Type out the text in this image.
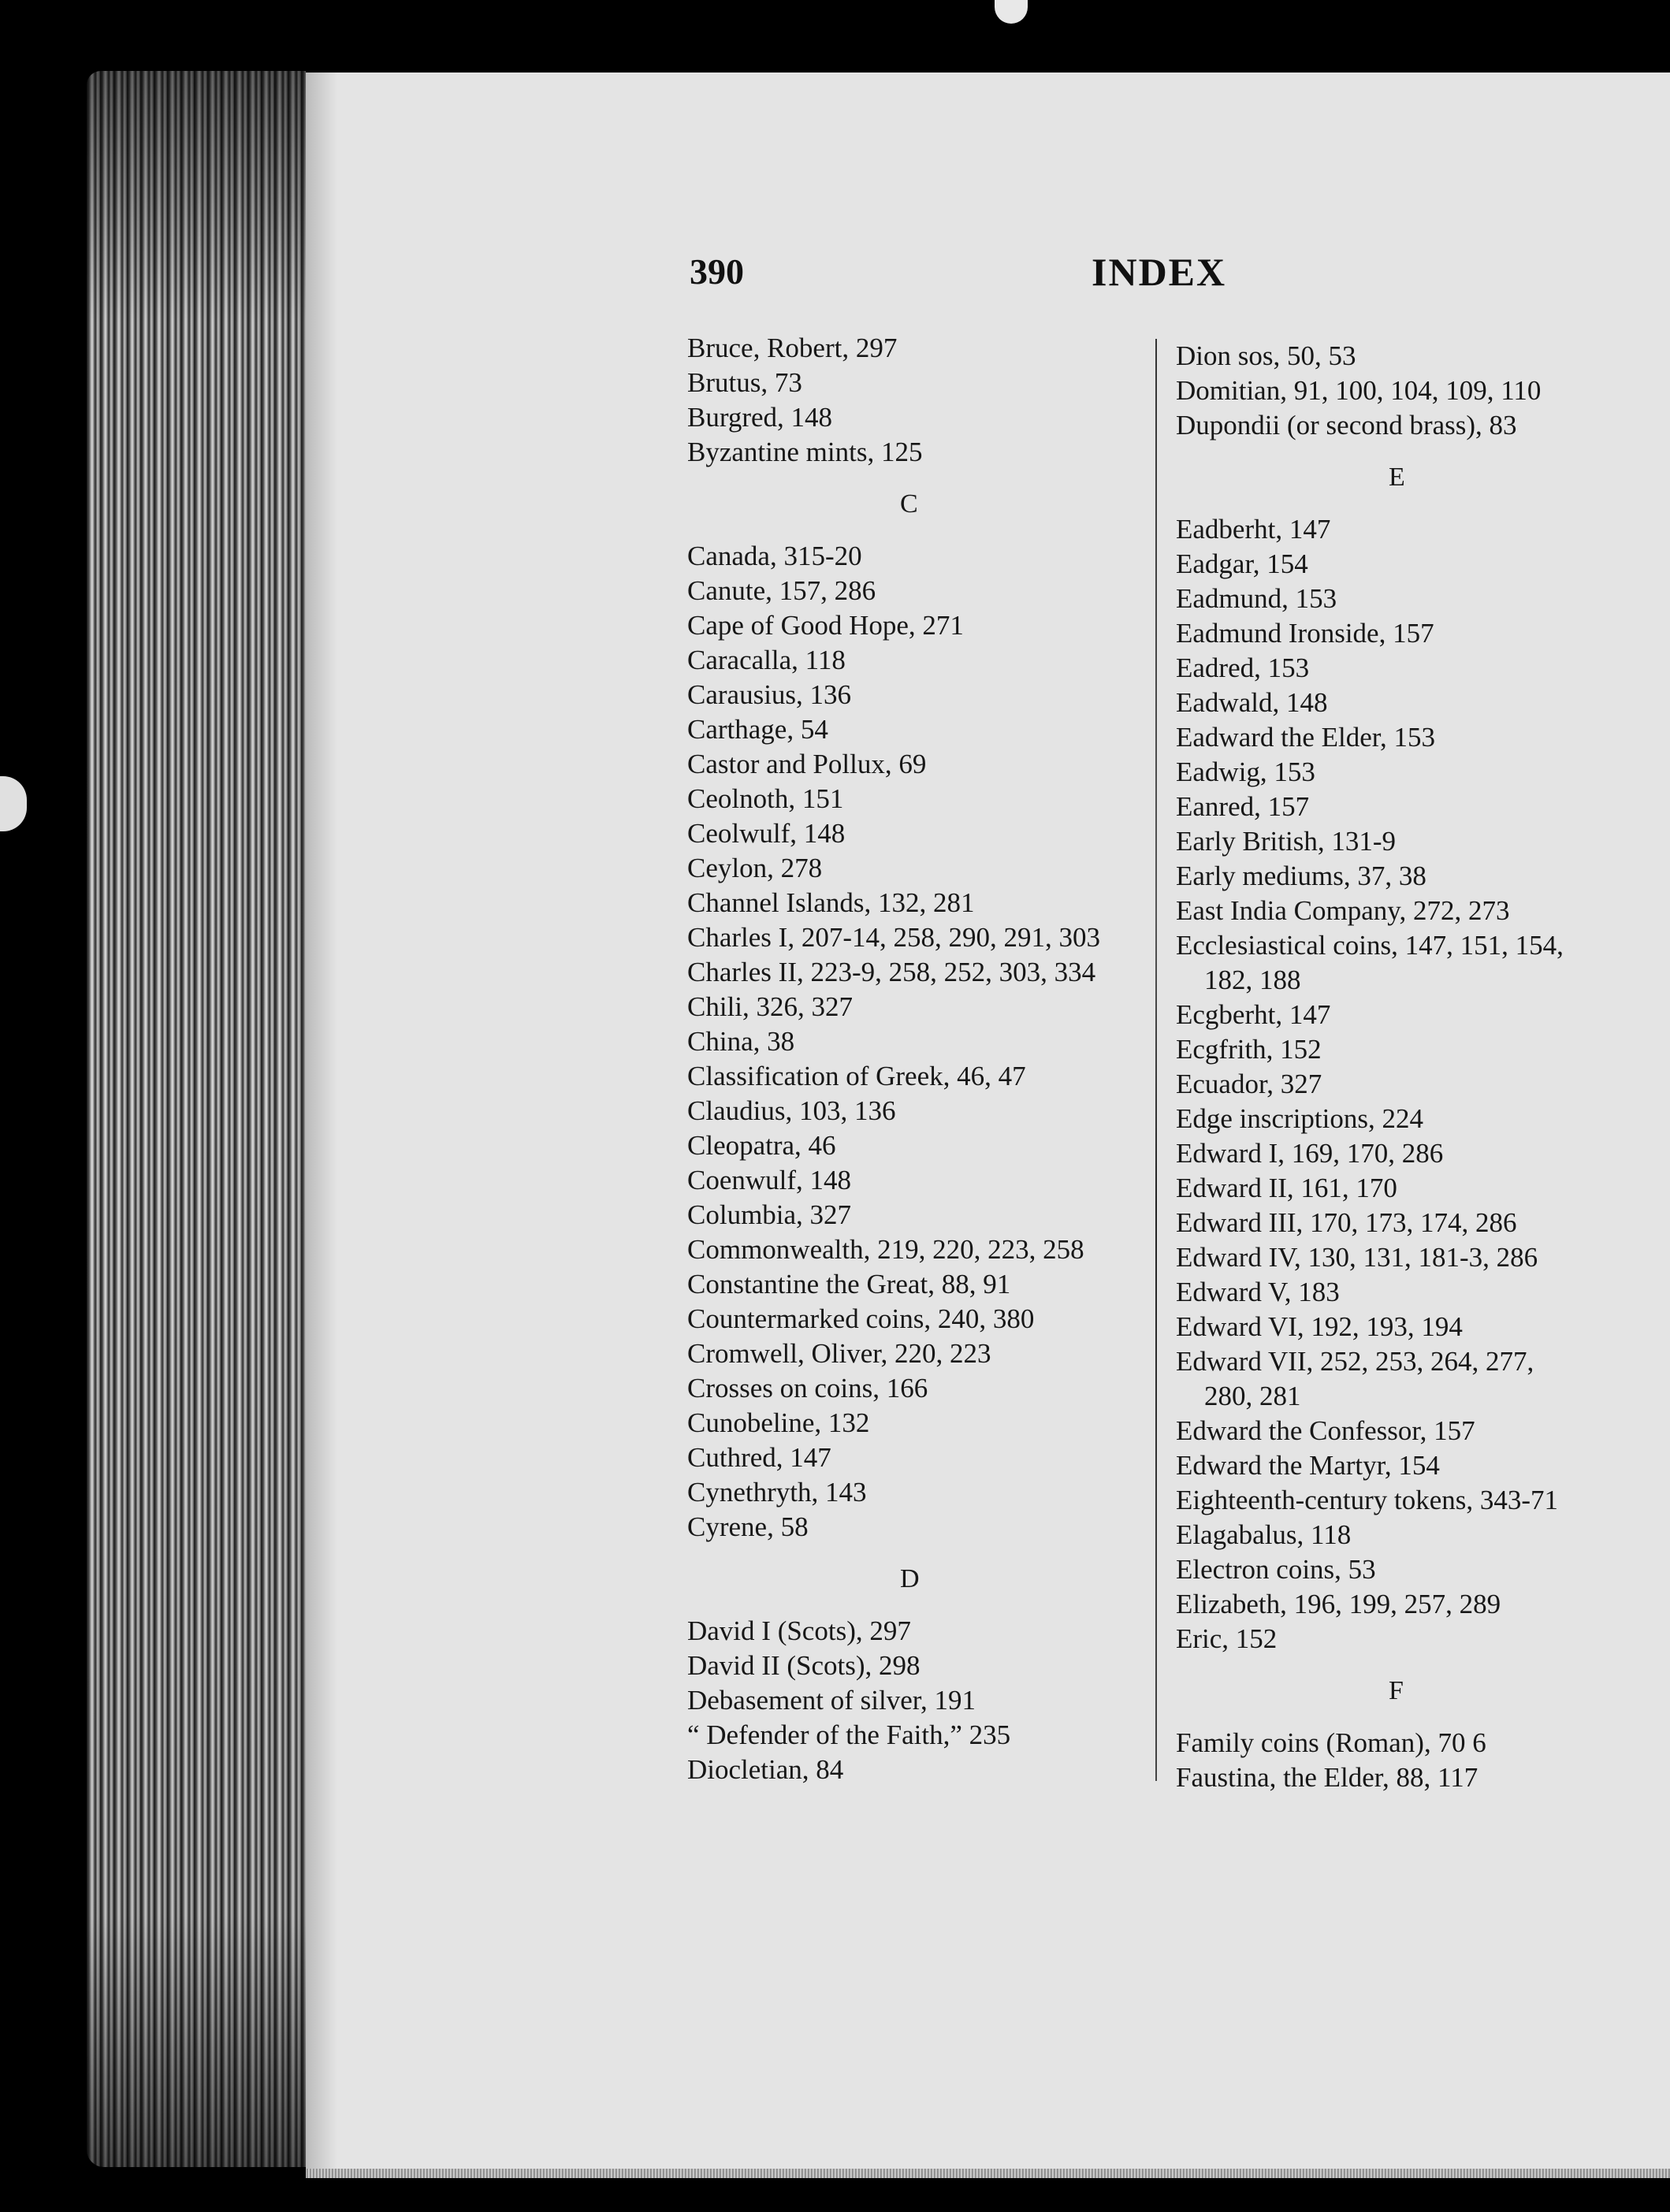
390	INDEX
Bruce, Robert, 297
Brutus, 73
Burgred, 148
Byzantine mints, 125
C
Canada, 315-20
Canute, 157, 286
Cape of Good Hope, 271
Caracalla, 118
Carausius, 136
Carthage, 54
Castor and Pollux, 69
Ceolnoth, 151
Ceolwulf, 148
Ceylon, 278
Channel Islands, 132, 281
Charles I, 207-14, 258, 290, 291, 303
Charles II, 223-9, 258, 252, 303, 334
Chili, 326, 327
China, 38
Classification of Greek, 46, 47
Claudius, 103, 136
Cleopatra, 46
Coenwulf, 148
Columbia, 327
Commonwealth, 219, 220, 223, 258
Constantine the Great, 88, 91
Countermarked coins, 240, 380
Cromwell, Oliver, 220, 223
Crosses on coins, 166
Cunobeline, 132
Cuthred, 147
Cynethryth, 143
Cyrene, 58
D
David I (Scots), 297
David II (Scots), 298
Debasement of silver, 191
“ Defender of the Faith,” 235
Diocletian, 84
Dion sos, 50, 53
Domitian, 91, 100, 104, 109, 110
Dupondii (or second brass), 83
E
Eadberht, 147
Eadgar, 154
Eadmund, 153
Eadmund Ironside, 157
Eadred, 153
Eadwald, 148
Eadward the Elder, 153
Eadwig, 153
Eanred, 157
Early British, 131-9
Early mediums, 37, 38
East India Company, 272, 273
Ecclesiastical coins, 147, 151, 154,
182, 188
Ecgberht, 147
Ecgfrith, 152
Ecuador, 327
Edge inscriptions, 224
Edward I, 169, 170, 286
Edward II, 161, 170
Edward III, 170, 173, 174, 286
Edward IV, 130, 131, 181-3, 286
Edward V, 183
Edward VI, 192, 193, 194
Edward VII, 252, 253, 264, 277,
280, 281
Edward the Confessor, 157
Edward the Martyr, 154
Eighteenth-century tokens, 343-71
Elagabalus, 118
Electron coins, 53
Elizabeth, 196, 199, 257, 289
Eric, 152
F
Family coins (Roman), 70 6
Faustina, the Elder, 88, 117
